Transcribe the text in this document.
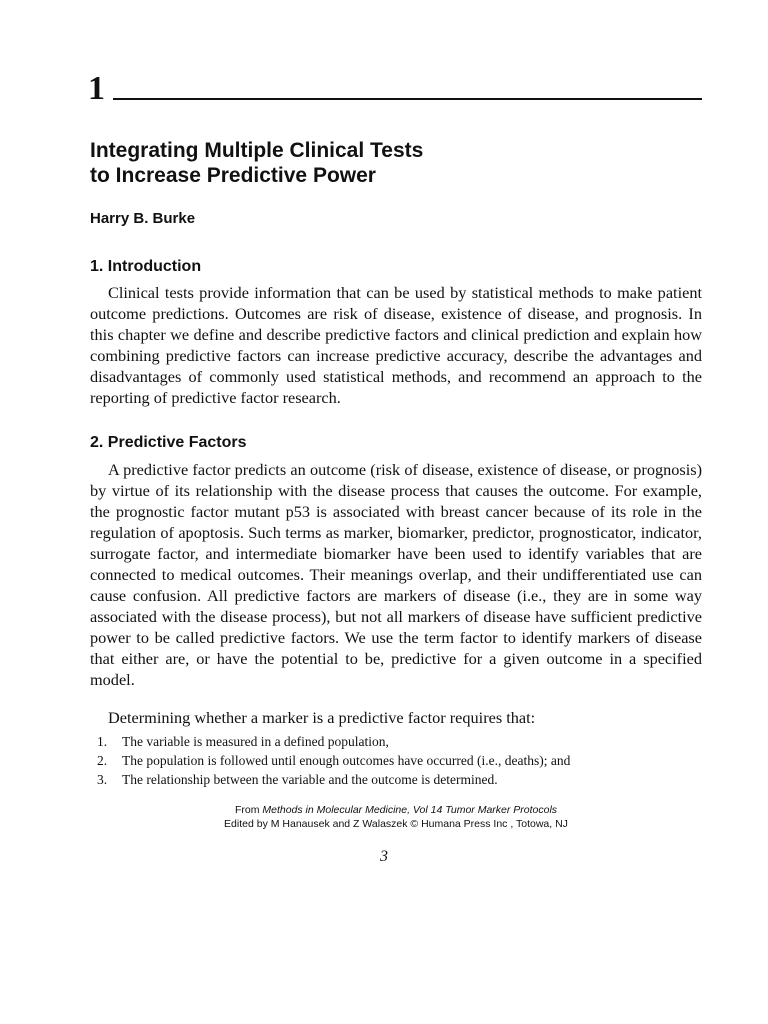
1
Integrating Multiple Clinical Tests
to Increase Predictive Power
Harry B. Burke
1. Introduction

Clinical tests provide information that can be used by statistical methods to make patient outcome predictions. Outcomes are risk of disease, existence of disease, and prognosis. In this chapter we define and describe predictive factors and clinical prediction and explain how combining predictive factors can increase predictive accuracy, describe the advantages and disadvantages of commonly used statistical methods, and recommend an approach to the reporting of predictive factor research.

2. Predictive Factors

A predictive factor predicts an outcome (risk of disease, existence of disease, or prognosis) by virtue of its relationship with the disease process that causes the outcome. For example, the prognostic factor mutant p53 is associated with breast cancer because of its role in the regulation of apoptosis. Such terms as marker, biomarker, predictor, prognosticator, indicator, surrogate factor, and intermediate biomarker have been used to identify variables that are connected to medical outcomes. Their meanings overlap, and their undifferentiated use can cause confusion. All predictive factors are markers of disease (i.e., they are in some way associated with the disease process), but not all markers of disease have sufficient predictive power to be called predictive factors. We use the term factor to identify markers of disease that either are, or have the potential to be, predictive for a given outcome in a specified model.

Determining whether a marker is a predictive factor requires that:

1. The variable is measured in a defined population,
2. The population is followed until enough outcomes have occurred (i.e., deaths); and
3. The relationship between the variable and the outcome is determined.
From Methods in Molecular Medicine, Vol 14 Tumor Marker Protocols
Edited by M Hanausek and Z Walaszek © Humana Press Inc , Totowa, NJ
3
